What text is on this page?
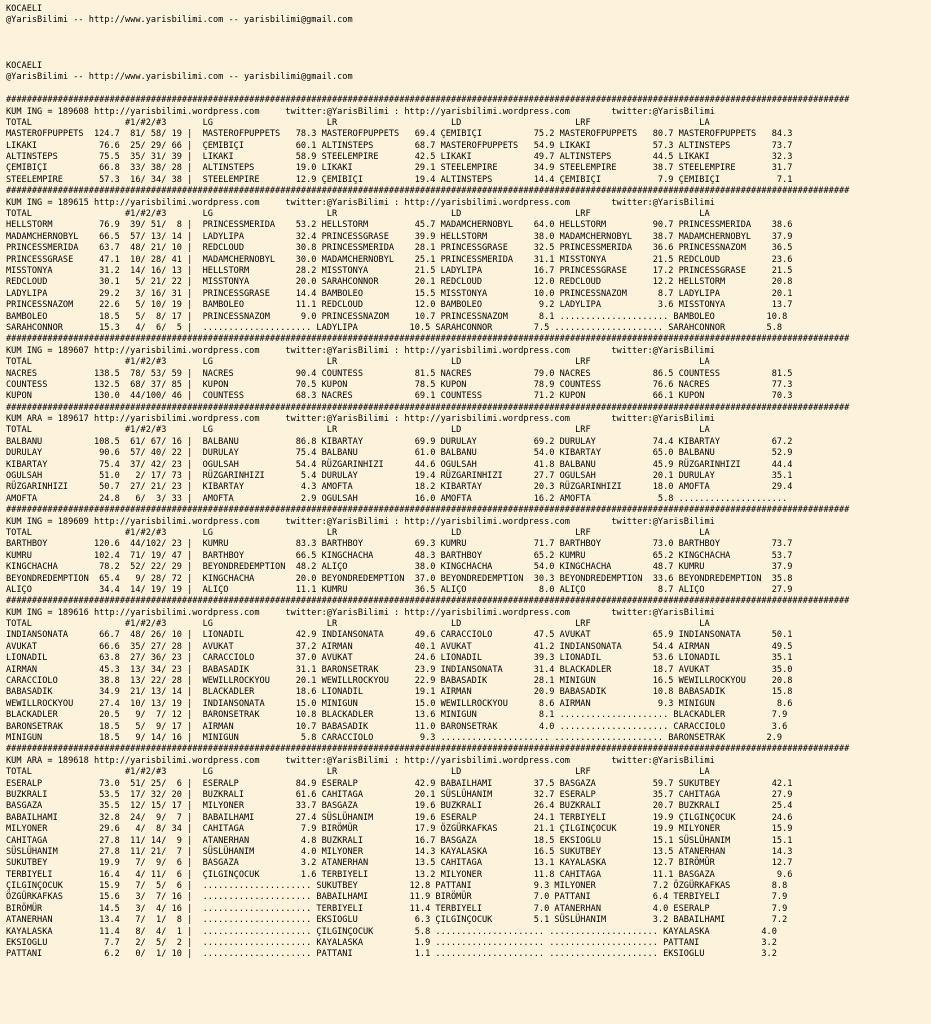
KOCAELI
@YarisBilimi -- http://www.yarisbilimi.com -- yarisbilimi@gmail.com

KOCAELI
@YarisBilimi -- http://www.yarisbilimi.com -- yarisbilimi@gmail.com

###################################################################################################################################################################
KUM ING = 189608 http://yarisbilimi.wordpress.com     twitter:@YarisBilimi : http://yarisbilimi.wordpress.com        twitter:@YarisBilimi
TOTAL                  #1/#2/#3       LG                      LR                      LD                      LRF                     LA
MASTEROFPUPPETS  124.7  81/ 58/ 19 |  MASTEROFPUPPETS   78.3 MASTEROFPUPPETS   69.4 ÇEMIBIÇI          75.2 MASTEROFPUPPETS   80.7 MASTEROFPUPPETS   84.3
LIKAKI            76.6  25/ 29/ 66 |  ÇEMIBIÇI          60.1 ALTINSTEPS        68.7 MASTEROFPUPPETS   54.9 LIKAKI            57.3 ALTINSTEPS        73.7
ALTINSTEPS        75.5  35/ 31/ 39 |  LIKAKI            58.9 STEELEMPIRE       42.5 LIKAKI            49.7 ALTINSTEPS        44.5 LIKAKI            32.3
ÇEMIBIÇI          66.8  33/ 38/ 28 |  ALTINSTEPS        19.0 LIKAKI            29.1 STEELEMPIRE       34.9 STEELEMPIRE       38.7 STEELEMPIRE       31.7
STEELEMPIRE       57.3  16/ 34/ 38 |  STEELEMPIRE       12.9 ÇEMIBIÇI          19.4 ALTINSTEPS        14.4 ÇEMIBIÇI           7.9 ÇEMIBIÇI           7.1
###################################################################################################################################################################
KUM ING = 189615 http://yarisbilimi.wordpress.com     twitter:@YarisBilimi : http://yarisbilimi.wordpress.com        twitter:@YarisBilimi
TOTAL                  #1/#2/#3       LG                      LR                      LD                      LRF                     LA
HELLSTORM         76.9  39/ 51/  8 |  PRINCESSMERIDA    53.2 HELLSTORM         45.7 MADAMCHERNOBYL    64.0 HELLSTORM         90.7 PRINCESSMERIDA    38.6
MADAMCHERNOBYL    66.5  57/ 13/ 14 |  LADYLIPA          32.4 PRINCESSGRASE     39.9 HELLSTORM         38.0 MADAMCHERNOBYL    38.7 MADAMCHERNOBYL    37.9
PRINCESSMERIDA    63.7  48/ 21/ 10 |  REDCLOUD          30.8 PRINCESSMERIDA    28.1 PRINCESSGRASE     32.5 PRINCESSMERIDA    36.6 PRINCESSNAZOM     36.5
PRINCESSGRASE     47.1  10/ 28/ 41 |  MADAMCHERNOBYL    30.0 MADAMCHERNOBYL    25.1 PRINCESSMERIDA    31.1 MISSTONYA         21.5 REDCLOUD          23.6
MISSTONYA         31.2  14/ 16/ 13 |  HELLSTORM         28.2 MISSTONYA         21.5 LADYLIPA          16.7 PRINCESSGRASE     17.2 PRINCESSGRASE     21.5
REDCLOUD          30.1   5/ 21/ 22 |  MISSTONYA         20.0 SARAHCONNOR       20.1 REDCLOUD          12.0 REDCLOUD          12.2 HELLSTORM         20.8
LADYLIPA          29.2   3/ 16/ 31 |  PRINCESSGRASE     14.4 BAMBOLEO          15.5 MISSTONYA         10.0 PRINCESSNAZOM      8.7 LADYLIPA          20.1
PRINCESSNAZOM     22.6   5/ 10/ 19 |  BAMBOLEO          11.1 REDCLOUD          12.0 BAMBOLEO           9.2 LADYLIPA           3.6 MISSTONYA         13.7
BAMBOLEO          18.5   5/  8/ 17 |  PRINCESSNAZOM      9.0 PRINCESSNAZOM     10.7 PRINCESSNAZOM      8.1 ..................... BAMBOLEO          10.8
SARAHCONNOR       15.3   4/  6/  5 |  ..................... LADYLIPA          10.5 SARAHCONNOR        7.5 ..................... SARAHCONNOR        5.8
###################################################################################################################################################################
KUM ING = 189607 http://yarisbilimi.wordpress.com     twitter:@YarisBilimi : http://yarisbilimi.wordpress.com        twitter:@YarisBilimi
TOTAL                  #1/#2/#3       LG                      LR                      LD                      LRF                     LA
NACRES           138.5  78/ 53/ 59 |  NACRES            90.4 COUNTESS          81.5 NACRES            79.0 NACRES            86.5 COUNTESS          81.5
COUNTESS         132.5  68/ 37/ 85 |  KUPON             70.5 KUPON             78.5 KUPON             78.9 COUNTESS          76.6 NACRES            77.3
KUPON            130.0  44/100/ 46 |  COUNTESS          68.3 NACRES            69.1 COUNTESS          71.2 KUPON             66.1 KUPON             70.3
###################################################################################################################################################################
KUM ARA = 189617 http://yarisbilimi.wordpress.com     twitter:@YarisBilimi : http://yarisbilimi.wordpress.com        twitter:@YarisBilimi
TOTAL                  #1/#2/#3       LG                      LR                      LD                      LRF                     LA
BALBANU          108.5  61/ 67/ 16 |  BALBANU           86.8 KIBARTAY          69.9 DURULAY           69.2 DURULAY           74.4 KIBARTAY          67.2
DURULAY           90.6  57/ 40/ 22 |  DURULAY           75.4 BALBANU           61.0 BALBANU           54.0 KIBARTAY          65.0 BALBANU           52.9
KIBARTAY          75.4  37/ 42/ 23 |  OGULSAH           54.4 RÜZGARINHIZI      44.6 OGULSAH           41.8 BALBANU           45.9 RÜZGARINHIZI      44.4
OGULSAH           51.0   2/ 17/ 73 |  RÜZGARINHIZI       5.4 DURULAY           19.4 RÜZGARINHIZI      27.7 OGULSAH           20.1 DURULAY           35.1
RÜZGARINHIZI      50.7  27/ 21/ 23 |  KIBARTAY           4.3 AMOFTA            18.2 KIBARTAY          20.3 RÜZGARINHIZI      18.0 AMOFTA            29.4
AMOFTA            24.8   6/  3/ 33 |  AMOFTA             2.9 OGULSAH           16.0 AMOFTA            16.2 AMOFTA             5.8 .....................
###################################################################################################################################################################
KUM ING = 189609 http://yarisbilimi.wordpress.com     twitter:@YarisBilimi : http://yarisbilimi.wordpress.com        twitter:@YarisBilimi
TOTAL                  #1/#2/#3       LG                      LR                      LD                      LRF                     LA
BARTHBOY         120.6  44/102/ 23 |  KUMRU             83.3 BARTHBOY          69.3 KUMRU             71.7 BARTHBOY          73.0 BARTHBOY          73.7
KUMRU            102.4  71/ 19/ 47 |  BARTHBOY          66.5 KINGCHACHA        48.3 BARTHBOY          65.2 KUMRU             65.2 KINGCHACHA        53.7
KINGCHACHA        78.2  52/ 22/ 29 |  BEYONDREDEMPTION  48.2 ALIÇO             38.0 KINGCHACHA        54.0 KINGCHACHA        48.7 KUMRU             37.9
BEYONDREDEMPTION  65.4   9/ 28/ 72 |  KINGCHACHA        20.0 BEYONDREDEMPTION  37.0 BEYONDREDEMPTION  30.3 BEYONDREDEMPTION  33.6 BEYONDREDEMPTION  35.8
ALIÇO             34.4  14/ 19/ 19 |  ALIÇO             11.1 KUMRU             36.5 ALIÇO              8.0 ALIÇO              8.7 ALIÇO             27.9
###################################################################################################################################################################
KUM ING = 189616 http://yarisbilimi.wordpress.com     twitter:@YarisBilimi : http://yarisbilimi.wordpress.com        twitter:@YarisBilimi
TOTAL                  #1/#2/#3       LG                      LR                      LD                      LRF                     LA
INDIANSONATA      66.7  48/ 26/ 10 |  LIONADIL          42.9 INDIANSONATA      49.6 CARACCIOLO        47.5 AVUKAT            65.9 INDIANSONATA      50.1
AVUKAT            66.6  35/ 27/ 28 |  AVUKAT            37.2 AIRMAN            40.1 AVUKAT            41.2 INDIANSONATA      54.4 AIRMAN            49.5
LIONADIL          63.8  27/ 36/ 23 |  CARACCIOLO        37.0 AVUKAT            24.6 LIONADIL          39.3 LIONADIL          53.6 LIONADIL          35.1
AIRMAN            45.3  13/ 34/ 23 |  BABASADIK         31.1 BARONSETRAK       23.9 INDIANSONATA      31.4 BLACKADLER        18.7 AVUKAT            35.0
CARACCIOLO        38.8  13/ 22/ 28 |  WEWILLROCKYOU     20.1 WEWILLROCKYOU     22.9 BABASADIK         28.1 MINIGUN           16.5 WEWILLROCKYOU     20.8
BABASADIK         34.9  21/ 13/ 14 |  BLACKADLER        18.6 LIONADIL          19.1 AIRMAN            20.9 BABASADIK         10.8 BABASADIK         15.8
WEWILLROCKYOU     27.4  10/ 13/ 19 |  INDIANSONATA      15.0 MINIGUN           15.0 WEWILLROCKYOU      8.6 AIRMAN             9.3 MINIGUN            8.6
BLACKADLER        20.5   9/  7/ 12 |  BARONSETRAK       10.8 BLACKADLER        13.6 MINIGUN            8.1 ..................... BLACKADLER         7.9
BARONSETRAK       18.5   5/  9/ 17 |  AIRMAN            10.7 BABASADIK         11.0 BARONSETRAK        4.0 ..................... CARACCIOLO         3.6
MINIGUN           18.5   9/ 14/ 16 |  MINIGUN            5.8 CARACCIOLO         9.3 ..................... ..................... BARONSETRAK        2.9
###################################################################################################################################################################
KUM ARA = 189618 http://yarisbilimi.wordpress.com     twitter:@YarisBilimi : http://yarisbilimi.wordpress.com        twitter:@YarisBilimi
TOTAL                  #1/#2/#3       LG                      LR                      LD                      LRF                     LA
ESERALP           73.0  51/ 25/  6 |  ESERALP           84.9 ESERALP           42.9 BABAILHAMI        37.5 BASGAZA           59.7 SUKUTBEY          42.1
BUZKRALI          53.5  17/ 32/ 20 |  BUZKRALI          61.6 CAHITAGA          20.1 SÜSLÜHANIM        32.7 ESERALP           35.7 CAHITAGA          27.9
BASGAZA           35.5  12/ 15/ 17 |  MILYONER          33.7 BASGAZA           19.6 BUZKRALI          26.4 BUZKRALI          20.7 BUZKRALI          25.4
BABAILHAMI        32.8  24/  9/  7 |  BABAILHAMI        27.4 SÜSLÜHANIM        19.6 ESERALP           24.1 TERBIYELI         19.9 ÇILGINÇOCUK       24.6
MILYONER          29.6   4/  8/ 34 |  CAHITAGA           7.9 BIRÖMÜR           17.9 ÖZGÜRKAFKAS       21.1 ÇILGINÇOCUK       19.9 MILYONER          15.9
CAHITAGA          27.8  11/ 14/  9 |  ATANERHAN          4.8 BUZKRALI          16.7 BASGAZA           18.5 EKSIOGLU          15.1 SÜSLÜHANIM        15.1
SÜSLÜHANIM        27.8  11/ 21/  7 |  SÜSLÜHANIM         4.0 MILYONER          14.3 KAYALASKA         16.5 SUKUTBEY          13.5 ATANERHAN         14.3
SUKUTBEY          19.9   7/  9/  6 |  BASGAZA            3.2 ATANERHAN         13.5 CAHITAGA          13.1 KAYALASKA         12.7 BIRÖMÜR           12.7
TERBIYELI         16.4   4/ 11/  6 |  ÇILGINÇOCUK        1.6 TERBIYELI         13.2 MILYONER          11.8 CAHITAGA          11.1 BASGAZA            9.6
ÇILGINÇOCUK       15.9   7/  5/  6 |  ..................... SUKUTBEY          12.8 PATTANI            9.3 MILYONER           7.2 ÖZGÜRKAFKAS        8.8
ÖZGÜRKAFKAS       15.6   3/  7/ 16 |  ..................... BABAILHAMI        11.9 BIRÖMÜR            7.0 PATTANI            6.4 TERBIYELI          7.9
BIRÖMÜR           14.5   3/  4/ 16 |  ..................... TERBIYELI         11.4 TERBIYELI          7.0 ATANERHAN          4.0 ESERALP            7.9
ATANERHAN         13.4   7/  1/  8 |  ..................... EKSIOGLU           6.3 ÇILGINÇOCUK        5.1 SÜSLÜHANIM         3.2 BABAILHAMI         7.2
KAYALASKA         11.4   8/  4/  1 |  ..................... ÇILGINÇOCUK        5.8 ..................... ..................... KAYALASKA          4.0
EKSIOGLU           7.7   2/  5/  2 |  ..................... KAYALASKA          1.9 ..................... ..................... PATTANI            3.2
PATTANI            6.2   0/  1/ 10 |  ..................... PATTANI            1.1 ..................... ..................... EKSIOGLU           3.2
